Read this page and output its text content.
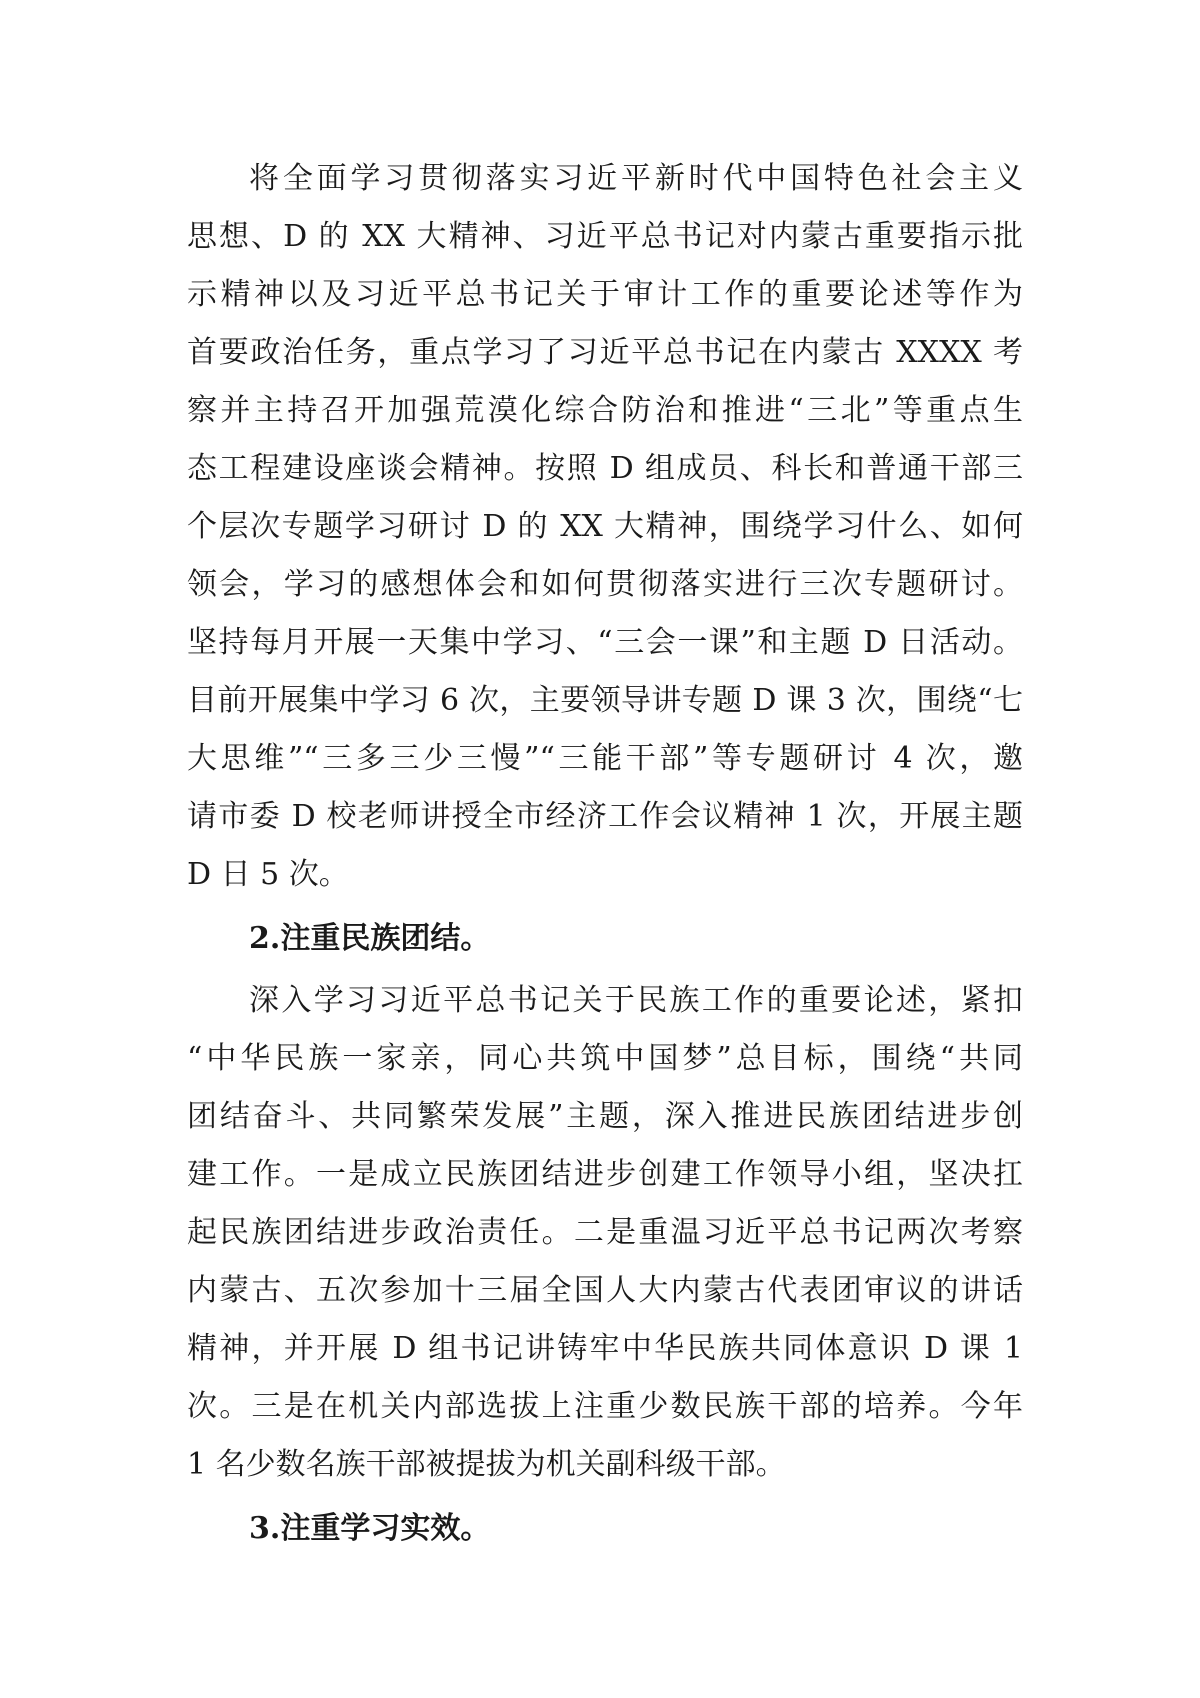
将全面学习贯彻落实习近平新时代中国特色社会主义
思想、D 的 XX 大精神、习近平总书记对内蒙古重要指示批
示精神以及习近平总书记关于审计工作的重要论述等作为
首要政治任务，重点学习了习近平总书记在内蒙古 XXXX 考
察并主持召开加强荒漠化综合防治和推进“三北”等重点生
态工程建设座谈会精神。按照 D 组成员、科长和普通干部三
个层次专题学习研讨 D 的 XX 大精神，围绕学习什么、如何
领会，学习的感想体会和如何贯彻落实进行三次专题研讨。
坚持每月开展一天集中学习、“三会一课”和主题 D 日活动。
目前开展集中学习 6 次，主要领导讲专题 D 课 3 次，围绕“七
大思维”“三多三少三慢”“三能干部”等专题研讨 4 次，邀
请市委 D 校老师讲授全市经济工作会议精神 1 次，开展主题
D 日 5 次。
2.注重民族团结。
深入学习习近平总书记关于民族工作的重要论述，紧扣
“中华民族一家亲，同心共筑中国梦”总目标，围绕“共同
团结奋斗、共同繁荣发展”主题，深入推进民族团结进步创
建工作。一是成立民族团结进步创建工作领导小组，坚决扛
起民族团结进步政治责任。二是重温习近平总书记两次考察
内蒙古、五次参加十三届全国人大内蒙古代表团审议的讲话
精神，并开展 D 组书记讲铸牢中华民族共同体意识 D 课 1
次。三是在机关内部选拔上注重少数民族干部的培养。今年
1 名少数名族干部被提拔为机关副科级干部。
3.注重学习实效。
